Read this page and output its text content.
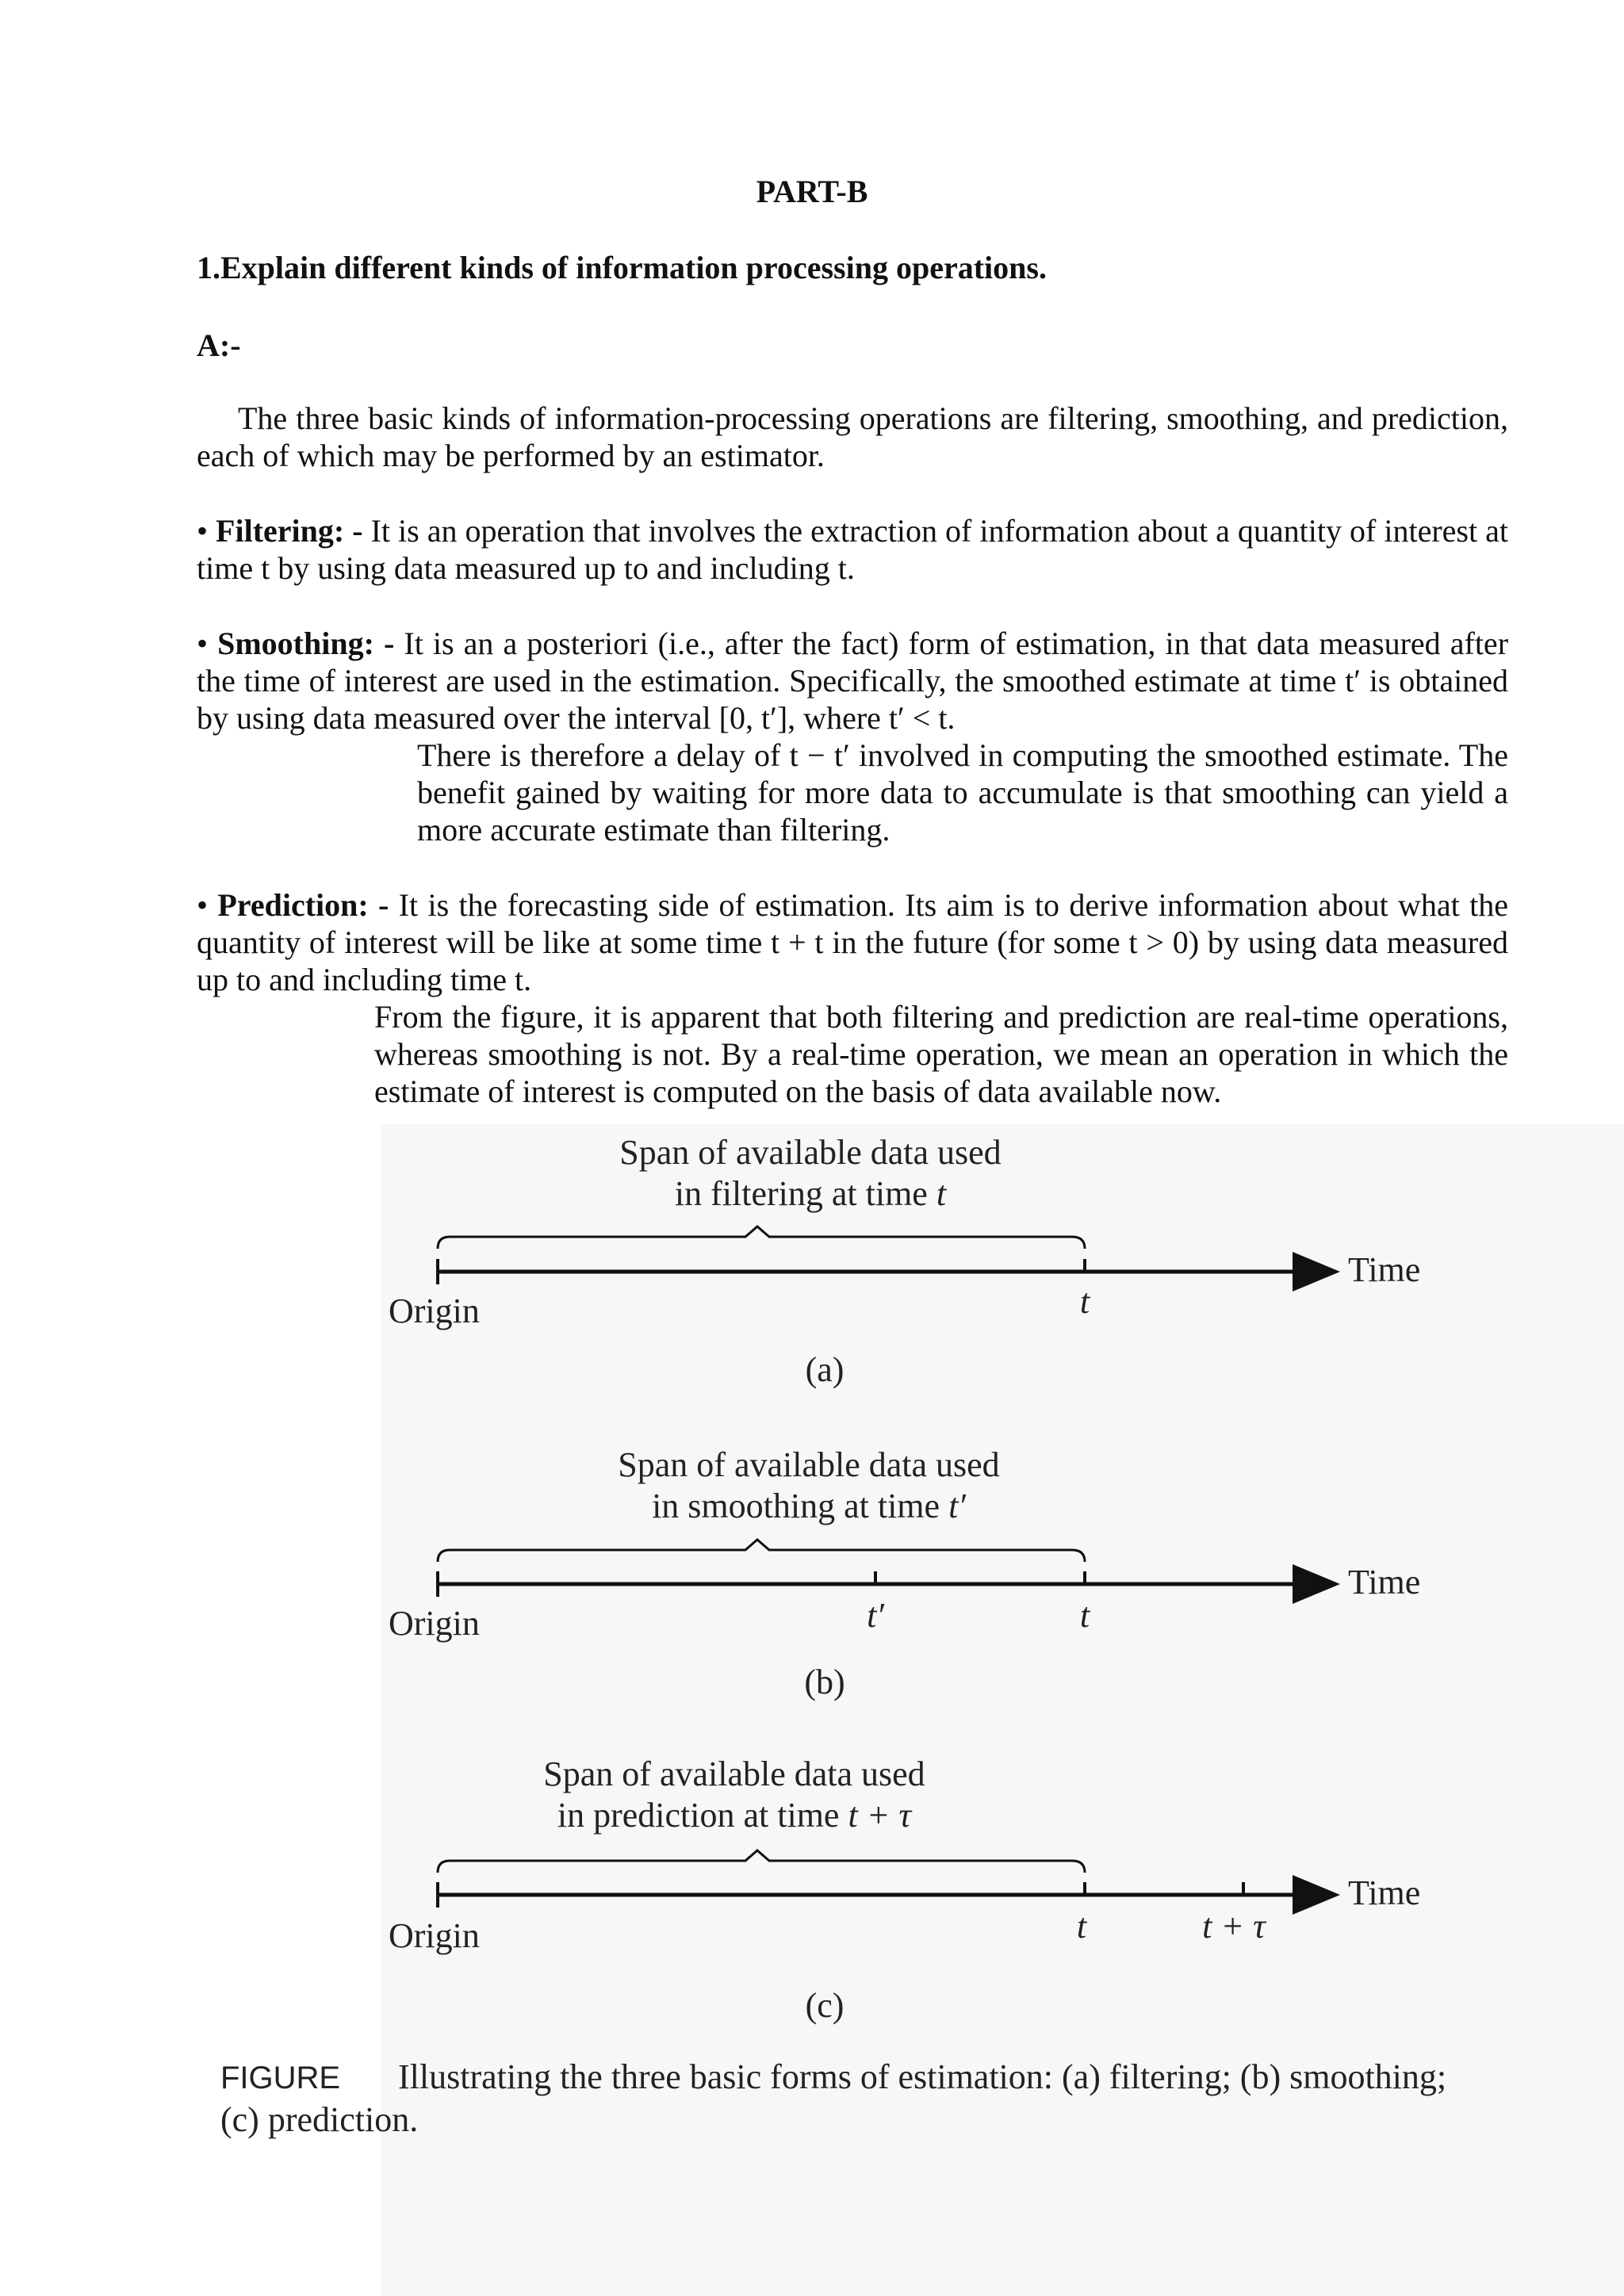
PART-B
1.Explain different kinds of information processing operations.
A:-

The three basic kinds of information-processing operations are filtering, smoothing, and prediction, each of which may be performed by an estimator.

• Filtering: - It is an operation that involves the extraction of information about a quantity of interest at time t by using data measured up to and including t.

• Smoothing: - It is an a posteriori (i.e., after the fact) form of estimation, in that data measured after the time of interest are used in the estimation. Specifically, the smoothed estimate at time t′ is obtained by using data measured over the interval [0, t′], where t′ < t.

There is therefore a delay of t − t′ involved in computing the smoothed estimate. The benefit gained by waiting for more data to accumulate is that smoothing can yield a more accurate estimate than filtering.

• Prediction: - It is the forecasting side of estimation. Its aim is to derive information about what the quantity of interest will be like at some time t + t in the future (for some t > 0) by using data measured up to and including time t.

From the figure, it is apparent that both filtering and prediction are real-time operations, whereas smoothing is not. By a real-time operation, we mean an operation in which the estimate of interest is computed on the basis of data available now.

Span of available data used
in filtering at time t
Time
Origin	t
(a)
Span of available data used
in smoothing at time t′
Time
Origin	t′	t
(b)
Span of available data used
in prediction at time t + τ
Time
Origin	t	t + τ
(c)
FIGURE Illustrating the three basic forms of estimation: (a) filtering; (b) smoothing;
(c) prediction.
